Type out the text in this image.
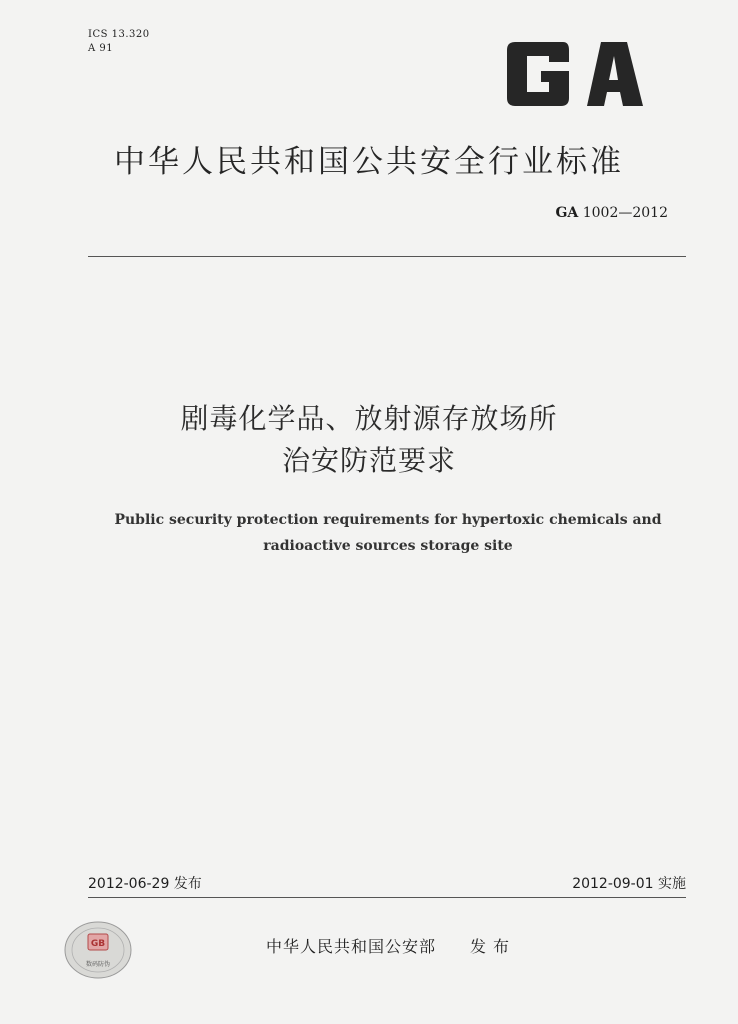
ICS 13.320
A 91
中华人民共和国公共安全行业标准
GA 1002—2012
剧毒化学品、放射源存放场所
治安防范要求
Public security protection requirements for hypertoxic chemicals and
radioactive sources storage site
2012-06-29 发布	2012-09-01 实施
GB
数码防伪
中华人民共和国公安部 发 布
